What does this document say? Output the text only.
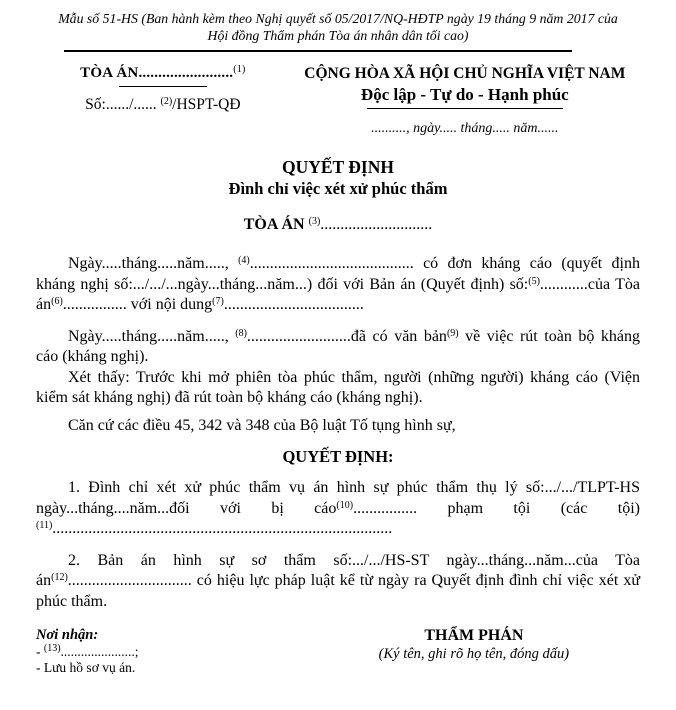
Mẫu số 51-HS (Ban hành kèm theo Nghị quyết số 05/2017/NQ-HĐTP ngày 19 tháng 9 năm 2017 của
Hội đồng Thẩm phán Tòa án nhân dân tối cao)
TÒA ÁN........................$^{(1)}$
Số:....../...... $^{(2)}$/HSPT-QĐ
CỘNG HÒA XÃ HỘI CHỦ NGHĨA VIỆT NAM
Độc lập - Tự do - Hạnh phúc
.........., ngày..... tháng..... năm......
QUYẾT ĐỊNH
Đình chỉ việc xét xử phúc thẩm
TÒA ÁN $^{(3)}$............................

Ngày.....tháng.....năm....., $^{(4)}$......................................... có đơn kháng cáo (quyết định kháng nghị số:.../.../...ngày...tháng...năm...) đối với Bản án (Quyết định) số:$^{(5)}$............của Tòa $án^{(6)}$................ với nội dung$^{(7)}$...................................

Ngày.....tháng.....năm....., $^{(8)}$..........................đã có văn bản$^{(9)}$ về việc rút toàn bộ kháng cáo (kháng nghị).

Xét thấy: Trước khi mở phiên tòa phúc thẩm, người (những người) kháng cáo (Viện kiểm sát kháng nghị) đã rút toàn bộ kháng cáo (kháng nghị).

Căn cứ các điều 45, 342 và 348 của Bộ luật Tố tụng hình sự,

QUYẾT ĐỊNH:

1. Đình chỉ xét xử phúc thẩm vụ án hình sự phúc thẩm thụ lý số:.../.../TLPT-HS ngày...tháng....năm...đối với bị cáo$^{(10)}$................ phạm tội (các tội)$^{(11)}$.....................................................................................

2. Bản án hình sự sơ thẩm số:.../.../HS-ST ngày...tháng...năm...của Tòa $án^{(12)}$............................... có hiệu lực pháp luật kể từ ngày ra Quyết định đình chỉ việc xét xử phúc thẩm.

Nơi nhận:
- $^{(13)}$......................;
- Lưu hồ sơ vụ án.
THẨM PHÁN
(Ký tên, ghi rõ họ tên, đóng dấu)
